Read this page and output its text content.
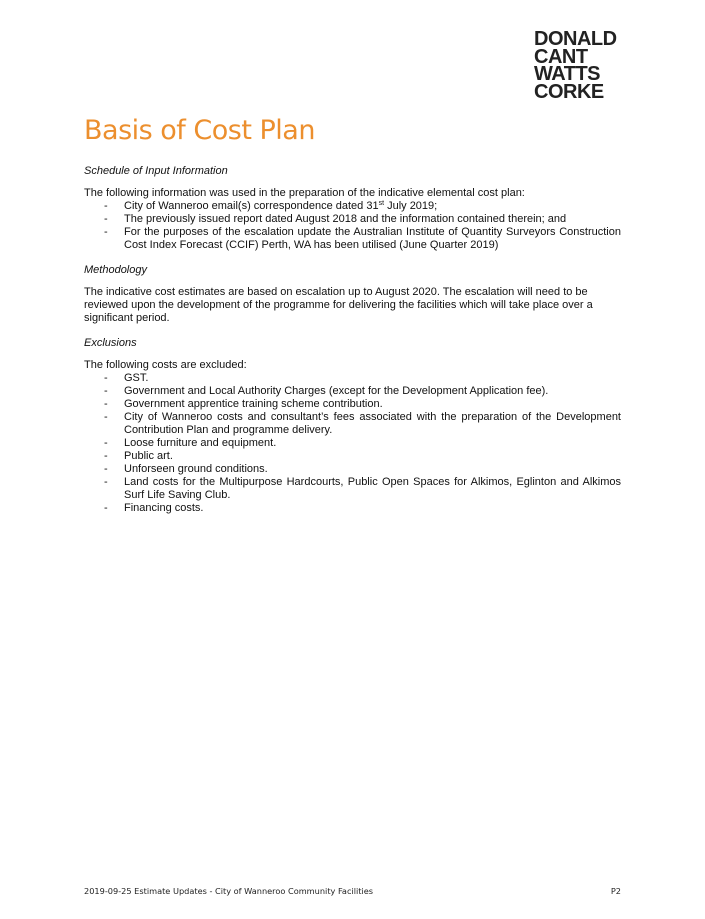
DONALD
CANT
WATTS
CORKE
Basis of Cost Plan

Schedule of Input Information

The following information was used in the preparation of the indicative elemental cost plan:

- City of Wanneroo email(s) correspondence dated 31st July 2019;
- The previously issued report dated August 2018 and the information contained therein; and
- For the purposes of the escalation update the Australian Institute of Quantity Surveyors Construction Cost Index Forecast (CCIF) Perth, WA has been utilised (June Quarter 2019)

Methodology

The indicative cost estimates are based on escalation up to August 2020. The escalation will need to be reviewed upon the development of the programme for delivering the facilities which will take place over a significant period.

Exclusions

The following costs are excluded:

- GST.
- Government and Local Authority Charges (except for the Development Application fee).
- Government apprentice training scheme contribution.
- City of Wanneroo costs and consultant’s fees associated with the preparation of the Development Contribution Plan and programme delivery.
- Loose furniture and equipment.
- Public art.
- Unforseen ground conditions.
- Land costs for the Multipurpose Hardcourts, Public Open Spaces for Alkimos, Eglinton and Alkimos Surf Life Saving Club.
- Financing costs.
2019-09-25 Estimate Updates - City of Wanneroo Community Facilities	P2
